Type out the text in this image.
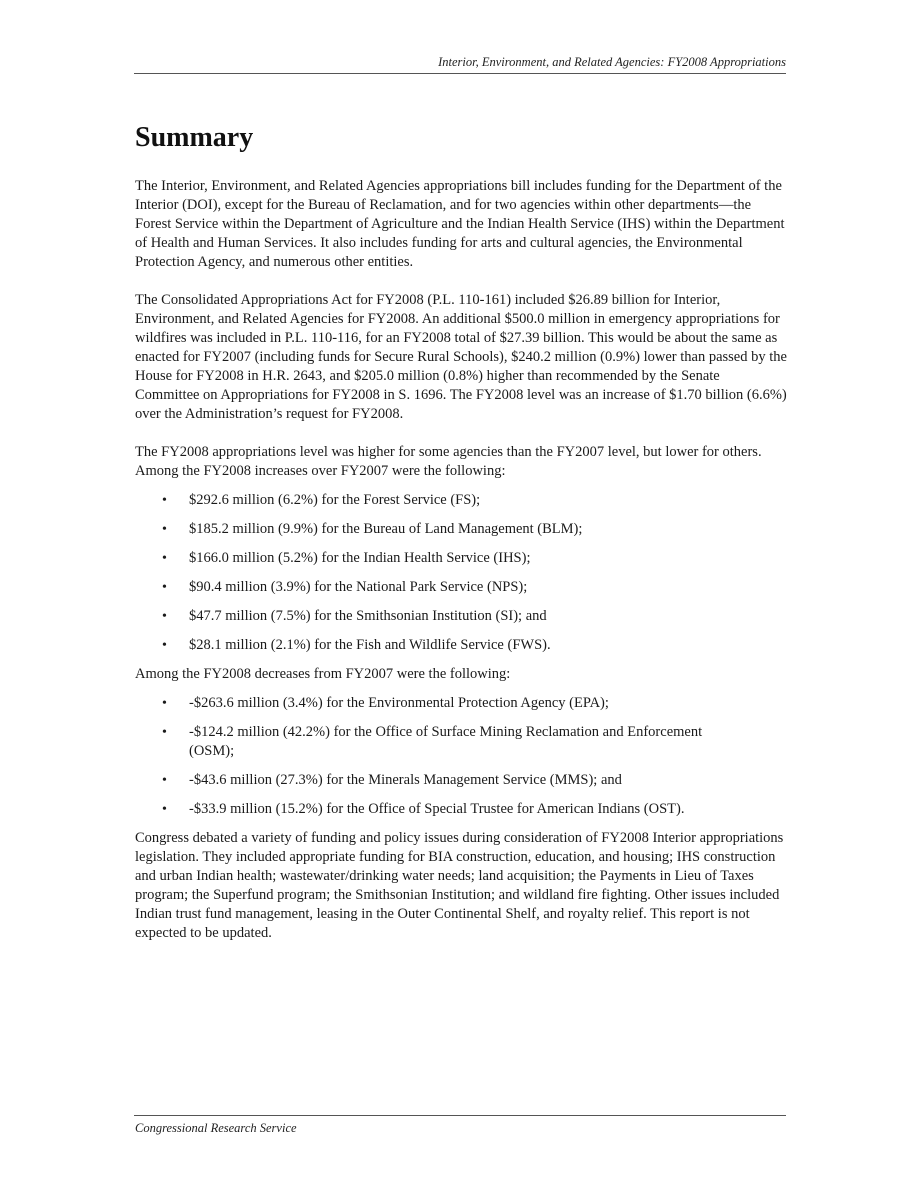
Interior, Environment, and Related Agencies: FY2008 Appropriations
Summary

The Interior, Environment, and Related Agencies appropriations bill includes funding for the Department of the Interior (DOI), except for the Bureau of Reclamation, and for two agencies within other departments—the Forest Service within the Department of Agriculture and the Indian Health Service (IHS) within the Department of Health and Human Services. It also includes funding for arts and cultural agencies, the Environmental Protection Agency, and numerous other entities.

The Consolidated Appropriations Act for FY2008 (P.L. 110-161) included $26.89 billion for Interior, Environment, and Related Agencies for FY2008. An additional $500.0 million in emergency appropriations for wildfires was included in P.L. 110-116, for an FY2008 total of $27.39 billion. This would be about the same as enacted for FY2007 (including funds for Secure Rural Schools), $240.2 million (0.9%) lower than passed by the House for FY2008 in H.R. 2643, and $205.0 million (0.8%) higher than recommended by the Senate Committee on Appropriations for FY2008 in S. 1696. The FY2008 level was an increase of $1.70 billion (6.6%) over the Administration’s request for FY2008.

The FY2008 appropriations level was higher for some agencies than the FY2007 level, but lower for others. Among the FY2008 increases over FY2007 were the following:

• $292.6 million (6.2%) for the Forest Service (FS);
• $185.2 million (9.9%) for the Bureau of Land Management (BLM);
• $166.0 million (5.2%) for the Indian Health Service (IHS);
• $90.4 million (3.9%) for the National Park Service (NPS);
• $47.7 million (7.5%) for the Smithsonian Institution (SI); and
• $28.1 million (2.1%) for the Fish and Wildlife Service (FWS).

Among the FY2008 decreases from FY2007 were the following:

• -$263.6 million (3.4%) for the Environmental Protection Agency (EPA);
• -$124.2 million (42.2%) for the Office of Surface Mining Reclamation and Enforcement (OSM);
• -$43.6 million (27.3%) for the Minerals Management Service (MMS); and
• -$33.9 million (15.2%) for the Office of Special Trustee for American Indians (OST).

Congress debated a variety of funding and policy issues during consideration of FY2008 Interior appropriations legislation. They included appropriate funding for BIA construction, education, and housing; IHS construction and urban Indian health; wastewater/drinking water needs; land acquisition; the Payments in Lieu of Taxes program; the Superfund program; the Smithsonian Institution; and wildland fire fighting. Other issues included Indian trust fund management, leasing in the Outer Continental Shelf, and royalty relief. This report is not expected to be updated.

Congressional Research Service
